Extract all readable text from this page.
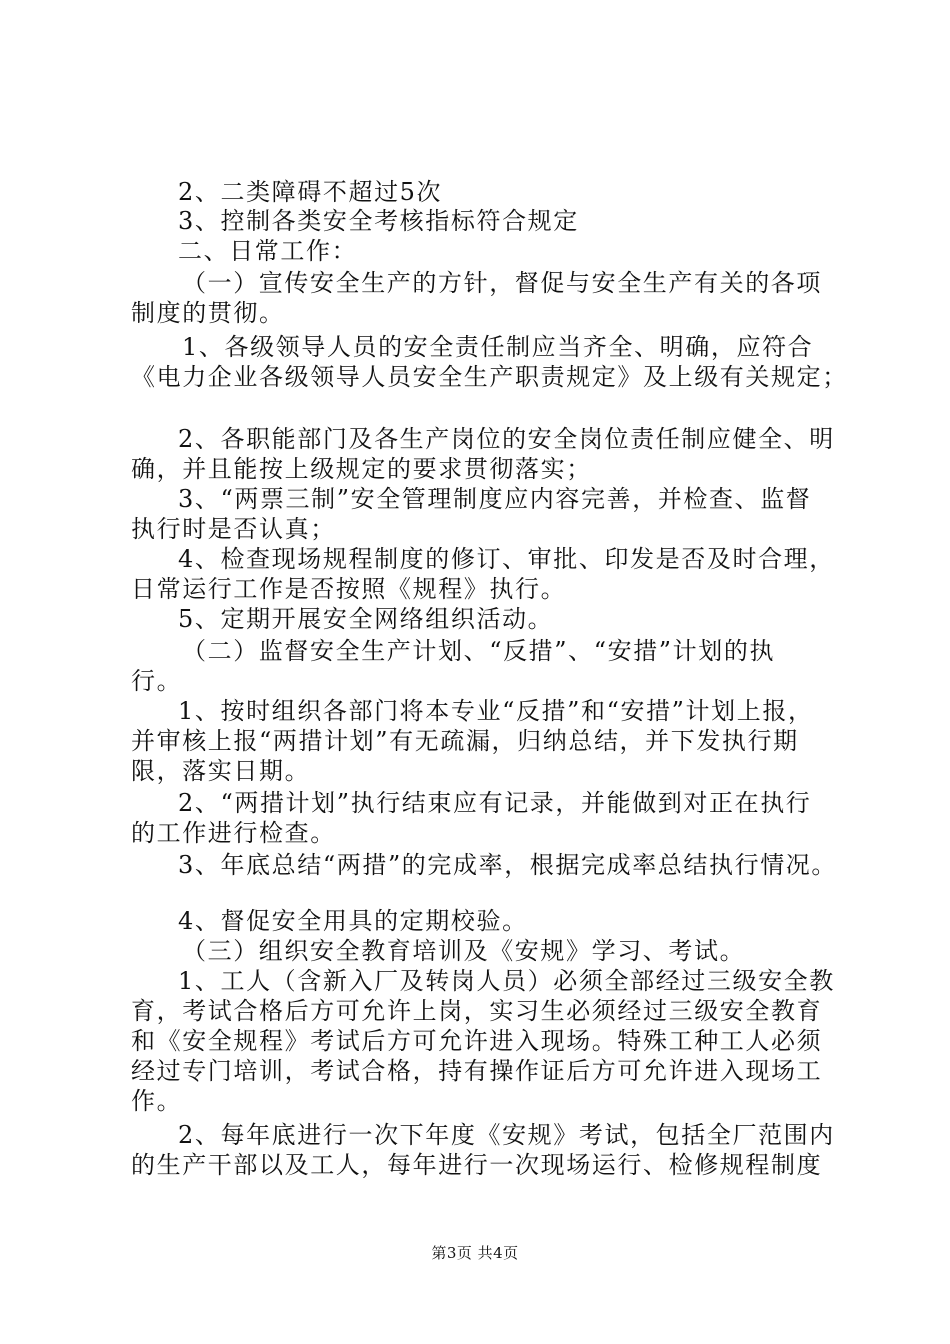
2、二类障碍不超过5次
3、控制各类安全考核指标符合规定
二、日常工作：
（一）宣传安全生产的方针，督促与安全生产有关的各项
制度的贯彻。
1、各级领导人员的安全责任制应当齐全、明确，应符合
《电力企业各级领导人员安全生产职责规定》及上级有关规定；
2、各职能部门及各生产岗位的安全岗位责任制应健全、明
确，并且能按上级规定的要求贯彻落实；
3、“两票三制”安全管理制度应内容完善，并检查、监督
执行时是否认真；
4、检查现场规程制度的修订、审批、印发是否及时合理，
日常运行工作是否按照《规程》执行。
5、定期开展安全网络组织活动。
（二）监督安全生产计划、“反措”、“安措”计划的执
行。
1、按时组织各部门将本专业“反措”和“安措”计划上报，
并审核上报“两措计划”有无疏漏，归纳总结，并下发执行期
限，落实日期。
2、“两措计划”执行结束应有记录，并能做到对正在执行
的工作进行检查。
3、年底总结“两措”的完成率，根据完成率总结执行情况。
4、督促安全用具的定期校验。
（三）组织安全教育培训及《安规》学习、考试。
1、工人（含新入厂及转岗人员）必须全部经过三级安全教
育，考试合格后方可允许上岗，实习生必须经过三级安全教育
和《安全规程》考试后方可允许进入现场。特殊工种工人必须
经过专门培训，考试合格，持有操作证后方可允许进入现场工
作。
2、每年底进行一次下年度《安规》考试，包括全厂范围内
的生产干部以及工人，每年进行一次现场运行、检修规程制度
第3页 共4页
